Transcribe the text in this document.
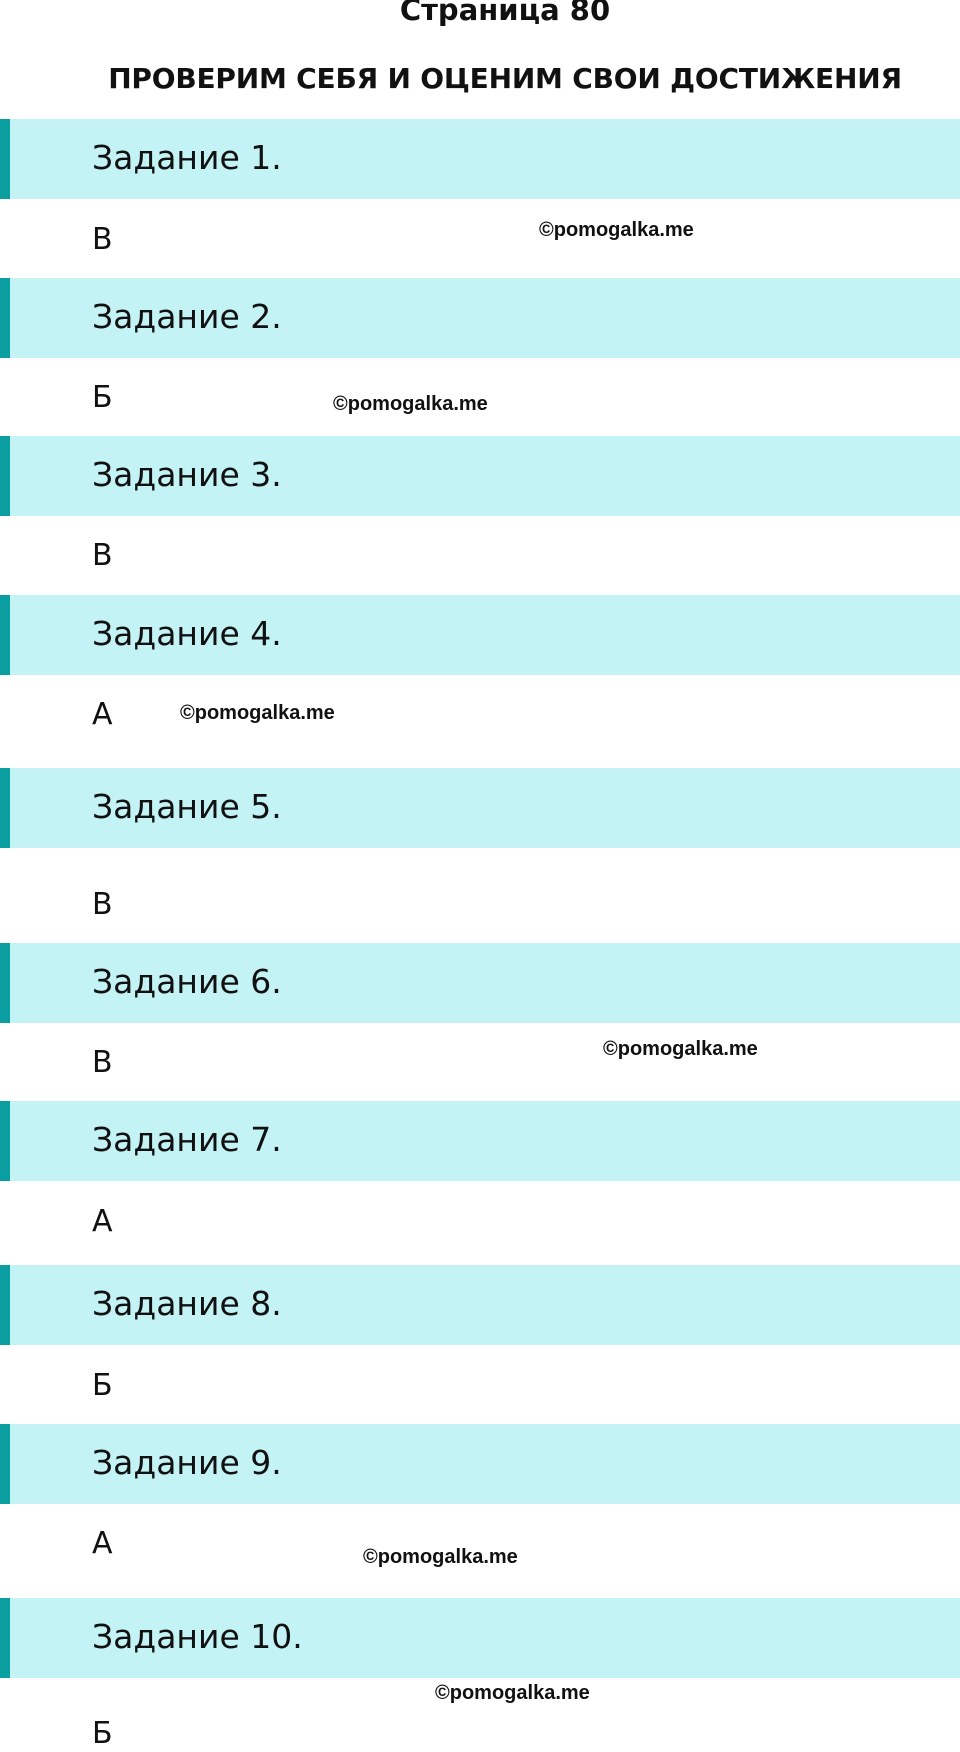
Страница 80
ПРОВЕРИМ СЕБЯ И ОЦЕНИМ СВОИ ДОСТИЖЕНИЯ
Задание 1.
В
Задание 2.
Б
Задание 3.
В
Задание 4.
А
Задание 5.
В
Задание 6.
В
Задание 7.
А
Задание 8.
Б
Задание 9.
А
Задание 10.
Б
©pomogalka.me
©pomogalka.me
©pomogalka.me
©pomogalka.me
©pomogalka.me
©pomogalka.me
